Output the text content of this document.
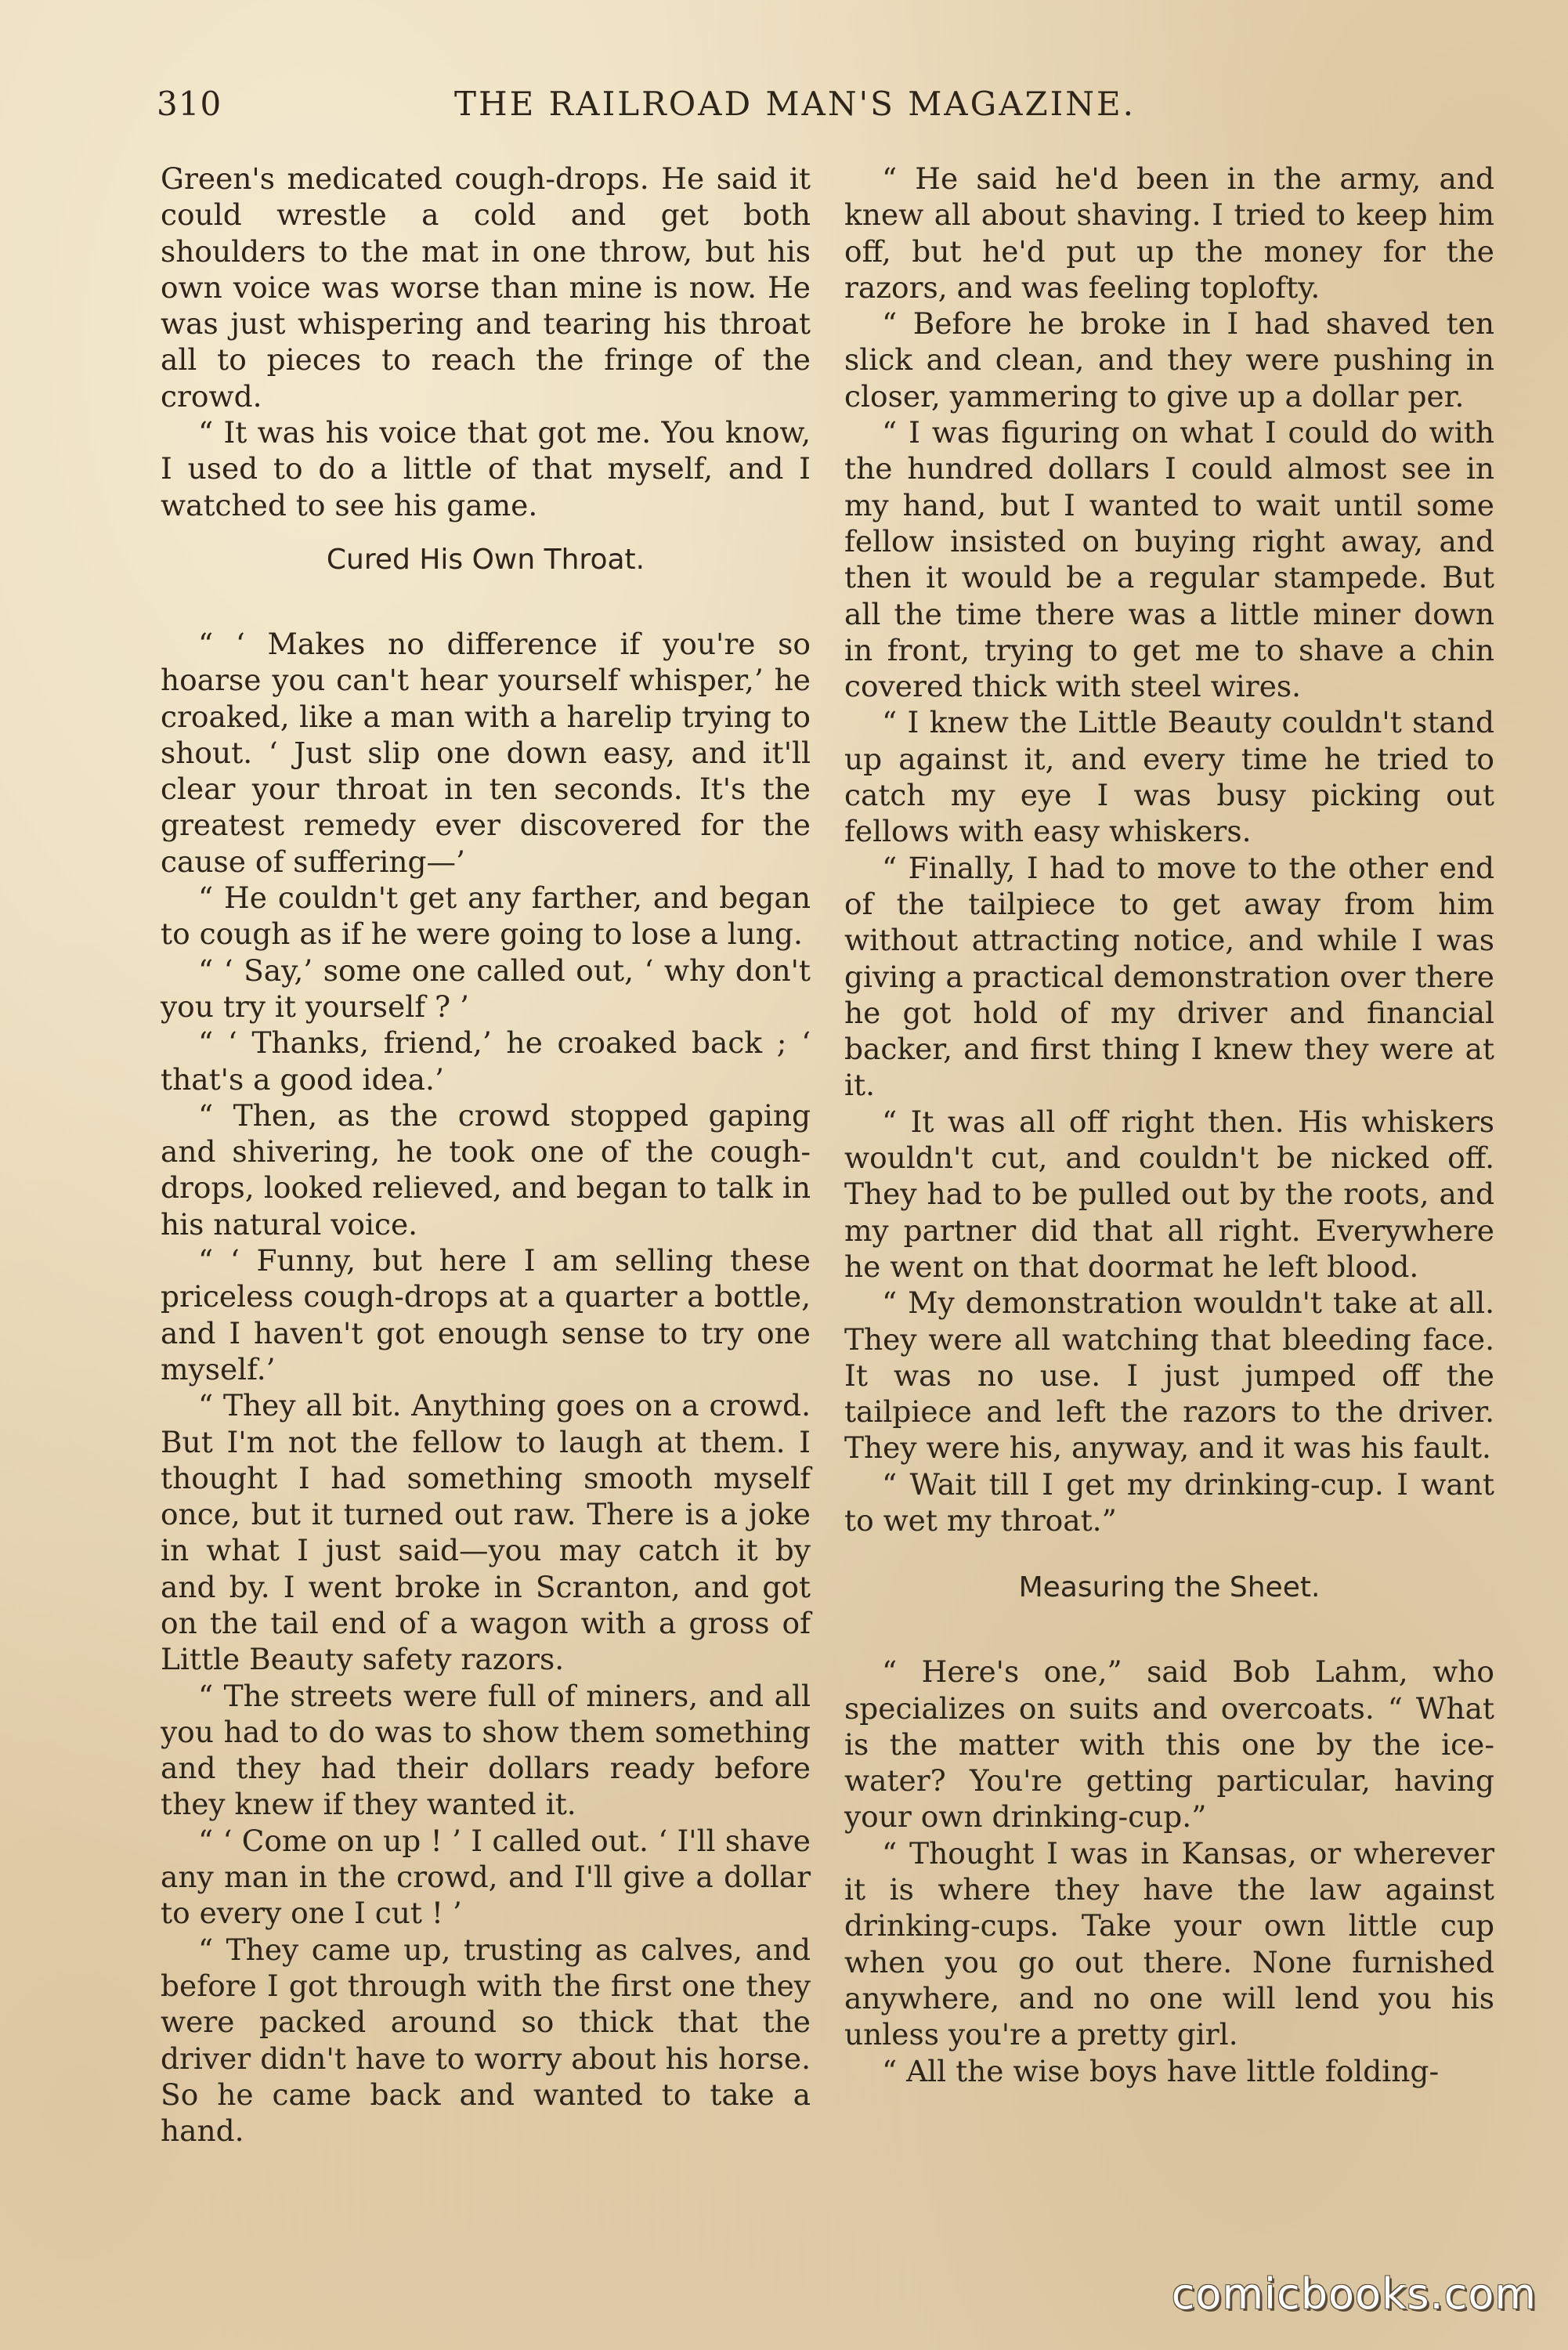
310	THE RAILROAD MAN'S MAGAZINE.

Green's medicated cough-drops. He said it could wrestle a cold and get both shoulders to the mat in one throw, but his own voice was worse than mine is now. He was just whispering and tearing his throat all to pieces to reach the fringe of the crowd.

“ It was his voice that got me. You know, I used to do a little of that myself, and I watched to see his game.

Cured His Own Throat.

“ ‘ Makes no difference if you're so hoarse you can't hear yourself whisper,’ he croaked, like a man with a harelip trying to shout. ‘ Just slip one down easy, and it'll clear your throat in ten seconds. It's the greatest remedy ever discovered for the cause of suffering—’

“ He couldn't get any farther, and began to cough as if he were going to lose a lung.

“ ‘ Say,’ some one called out, ‘ why don't you try it yourself ? ’

“ ‘ Thanks, friend,’ he croaked back ; ‘ that's a good idea.’

“ Then, as the crowd stopped gaping and shivering, he took one of the cough-drops, looked relieved, and began to talk in his natural voice.

“ ‘ Funny, but here I am selling these priceless cough-drops at a quarter a bottle, and I haven't got enough sense to try one myself.’

“ They all bit. Anything goes on a crowd. But I'm not the fellow to laugh at them. I thought I had something smooth myself once, but it turned out raw. There is a joke in what I just said—you may catch it by and by. I went broke in Scranton, and got on the tail end of a wagon with a gross of Little Beauty safety razors.

“ The streets were full of miners, and all you had to do was to show them something and they had their dollars ready before they knew if they wanted it.

“ ‘ Come on up ! ’ I called out. ‘ I'll shave any man in the crowd, and I'll give a dollar to every one I cut ! ’

“ They came up, trusting as calves, and before I got through with the first one they were packed around so thick that the driver didn't have to worry about his horse. So he came back and wanted to take a hand.

“ He said he'd been in the army, and knew all about shaving. I tried to keep him off, but he'd put up the money for the razors, and was feeling toplofty.

“ Before he broke in I had shaved ten slick and clean, and they were pushing in closer, yammering to give up a dollar per.

“ I was figuring on what I could do with the hundred dollars I could almost see in my hand, but I wanted to wait until some fellow insisted on buying right away, and then it would be a regular stampede. But all the time there was a little miner down in front, trying to get me to shave a chin covered thick with steel wires.

“ I knew the Little Beauty couldn't stand up against it, and every time he tried to catch my eye I was busy picking out fellows with easy whiskers.

“ Finally, I had to move to the other end of the tailpiece to get away from him without attracting notice, and while I was giving a practical demonstration over there he got hold of my driver and financial backer, and first thing I knew they were at it.

“ It was all off right then. His whiskers wouldn't cut, and couldn't be nicked off. They had to be pulled out by the roots, and my partner did that all right. Everywhere he went on that doormat he left blood.

“ My demonstration wouldn't take at all. They were all watching that bleeding face. It was no use. I just jumped off the tailpiece and left the razors to the driver. They were his, anyway, and it was his fault.

“ Wait till I get my drinking-cup. I want to wet my throat.”

Measuring the Sheet.

“ Here's one,” said Bob Lahm, who specializes on suits and overcoats. “ What is the matter with this one by the ice-water? You're getting particular, having your own drinking-cup.”

“ Thought I was in Kansas, or wherever it is where they have the law against drinking-cups. Take your own little cup when you go out there. None furnished anywhere, and no one will lend you his unless you're a pretty girl.

“ All the wise boys have little folding-

comicbooks.com
